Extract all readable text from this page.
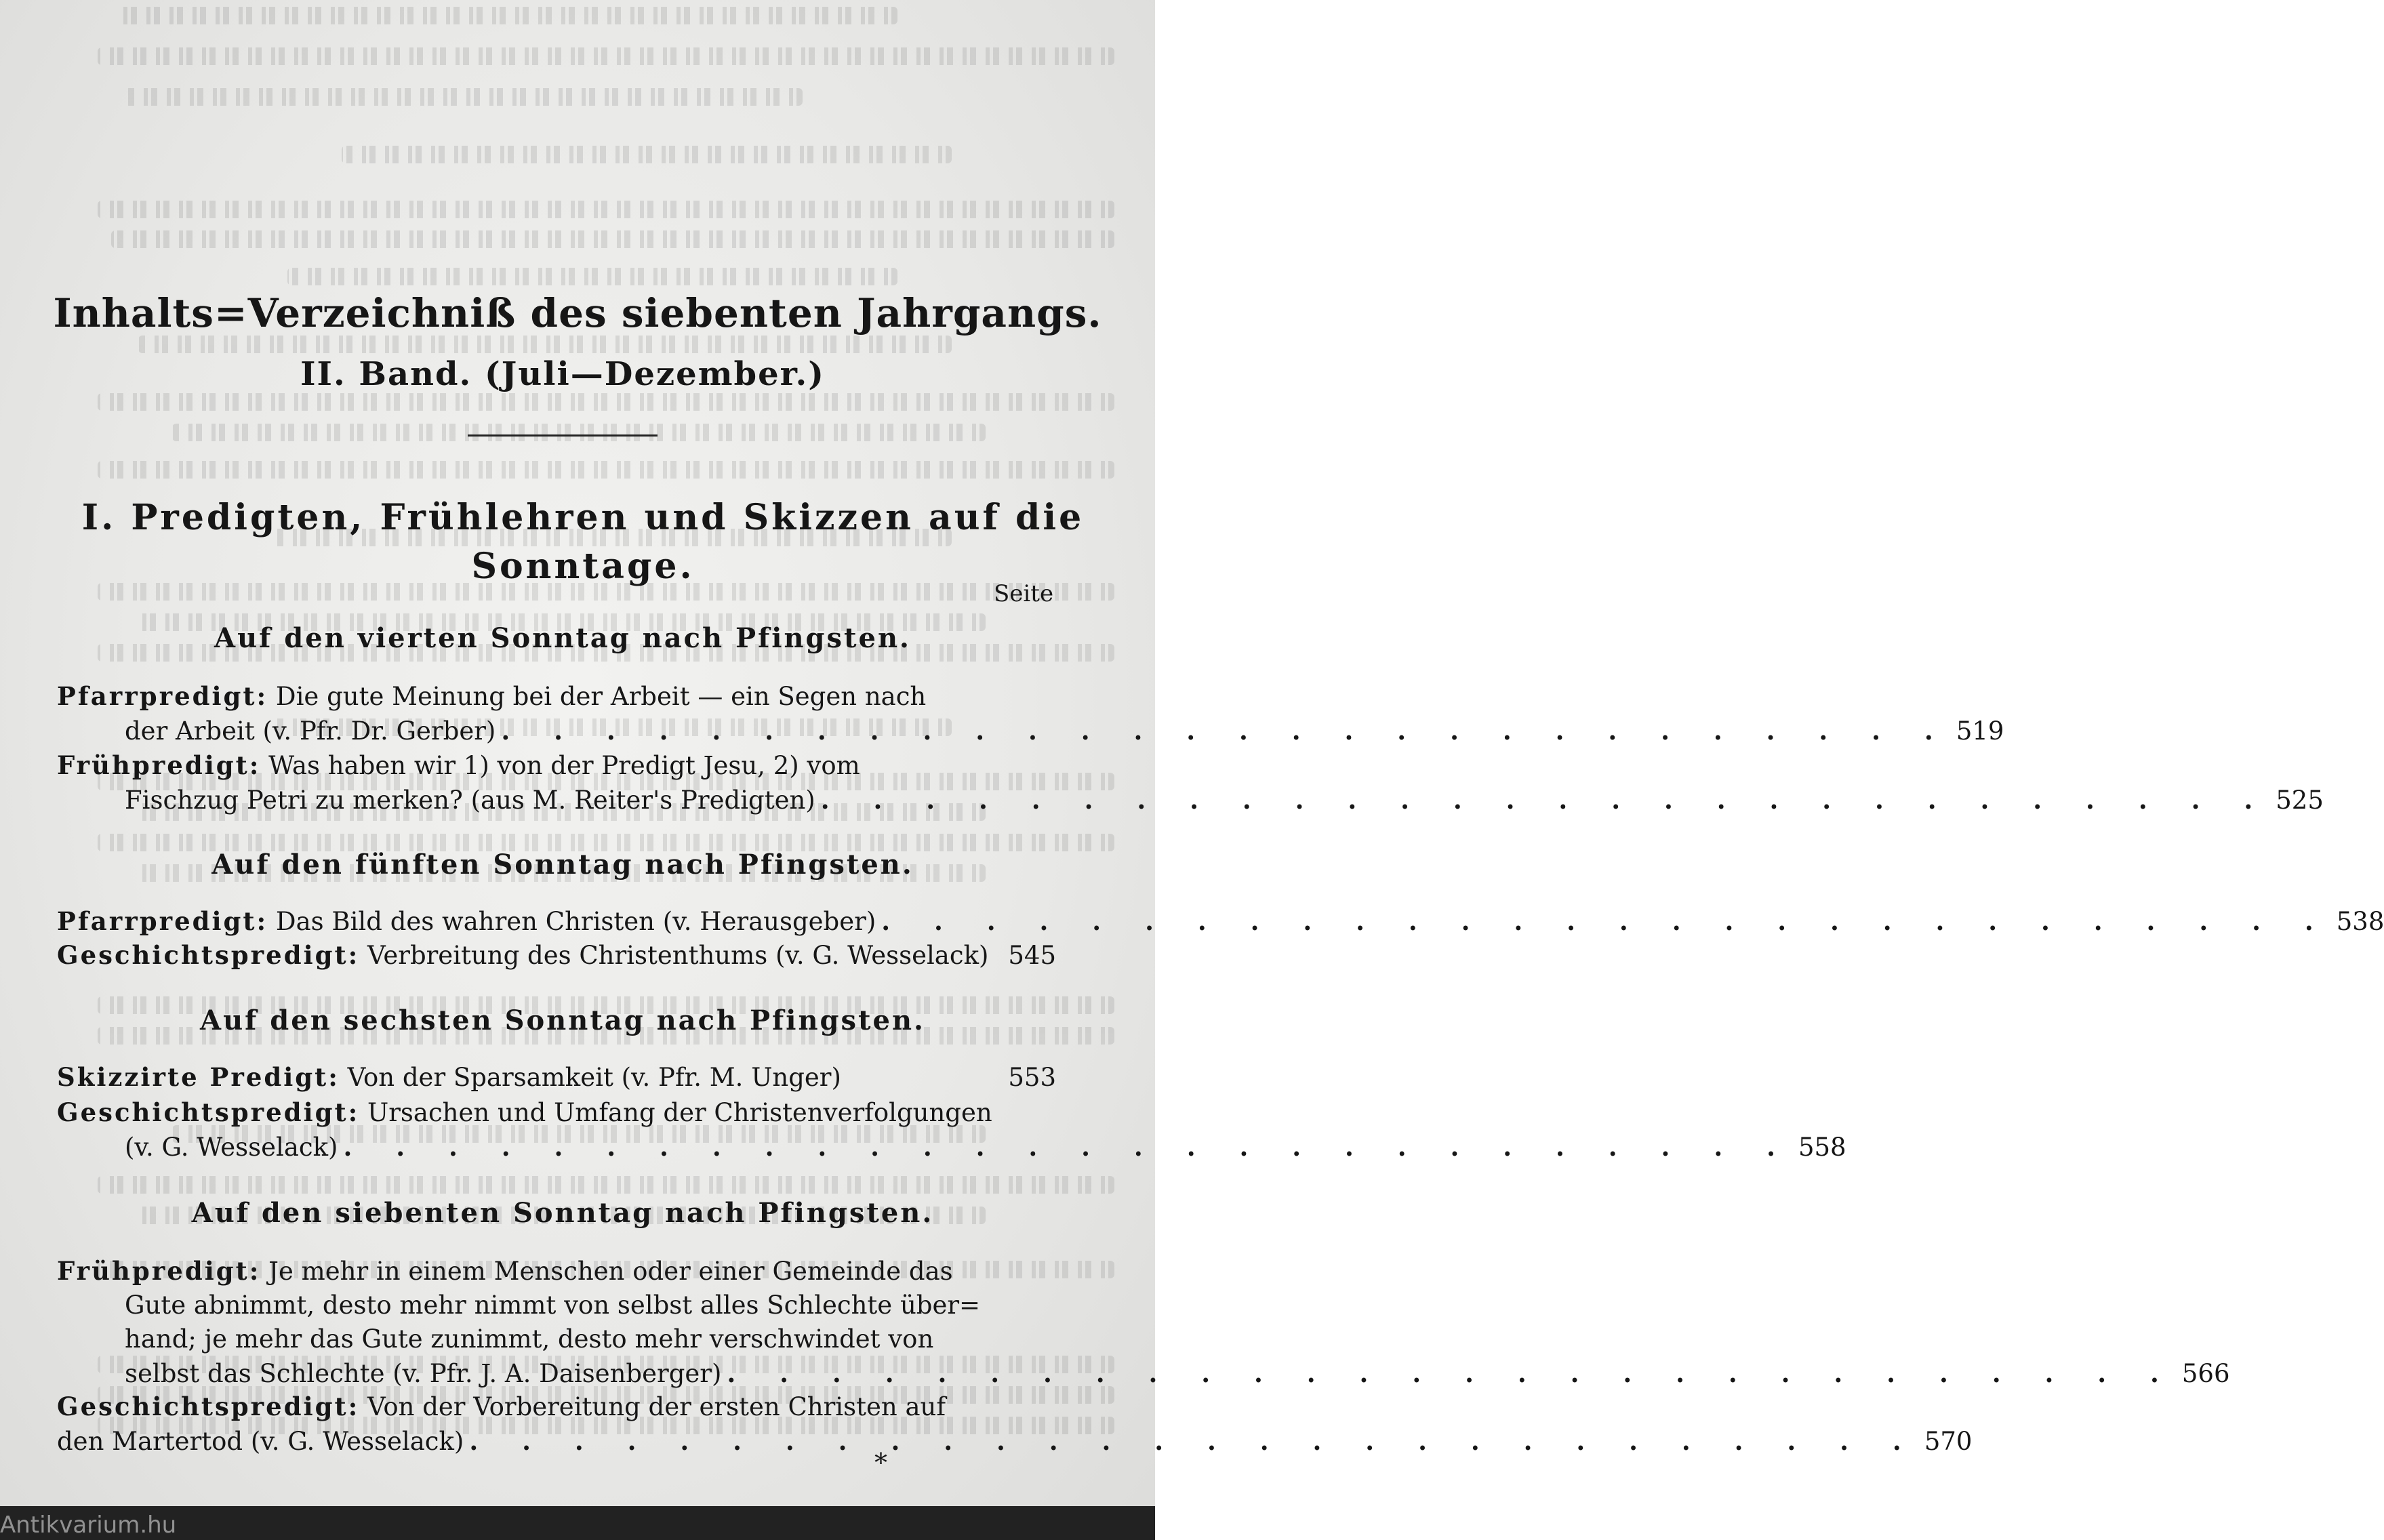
Inhalts=Verzeichniß des siebenten Jahrgangs.
II. Band. (Juli—Dezember.)
I. Predigten, Frühlehren und Skizzen auf die
Sonntage.
Seite
Auf den vierten Sonntag nach Pfingsten.
Pfarrpredigt: Die gute Meinung bei der Arbeit — ein Segen nach
der Arbeit (v. Pfr. Dr. Gerber) . . . . . . . . . . . . . . . . . . . . . . . . . . . . 519
Frühpredigt: Was haben wir 1) von der Predigt Jesu, 2) vom
Fischzug Petri zu merken? (aus M. Reiter's Predigten) . . . . . . . . . . . . . . . . . . . . . . . . . . . . 525
Auf den fünften Sonntag nach Pfingsten.
Pfarrpredigt: Das Bild des wahren Christen (v. Herausgeber) . . . . . . . . . . . . . . . . . . . . . . . . . . . . 538
Geschichtspredigt: Verbreitung des Christenthums (v. G. Wesselack) 545
Auf den sechsten Sonntag nach Pfingsten.
Skizzirte Predigt: Von der Sparsamkeit (v. Pfr. M. Unger)	553
Geschichtspredigt: Ursachen und Umfang der Christenverfolgungen
(v. G. Wesselack) . . . . . . . . . . . . . . . . . . . . . . . . . . . . 558
Auf den siebenten Sonntag nach Pfingsten.
Frühpredigt: Je mehr in einem Menschen oder einer Gemeinde das
Gute abnimmt, desto mehr nimmt von selbst alles Schlechte über=
hand; je mehr das Gute zunimmt, desto mehr verschwindet von
selbst das Schlechte (v. Pfr. J. A. Daisenberger) . . . . . . . . . . . . . . . . . . . . . . . . . . . . 566
Geschichtspredigt: Von der Vorbereitung der ersten Christen auf
den Martertod (v. G. Wesselack) . . . . . . . . . . . . . . . . . . . . . . . . . . . . 570
*
Antikvarium.hu
